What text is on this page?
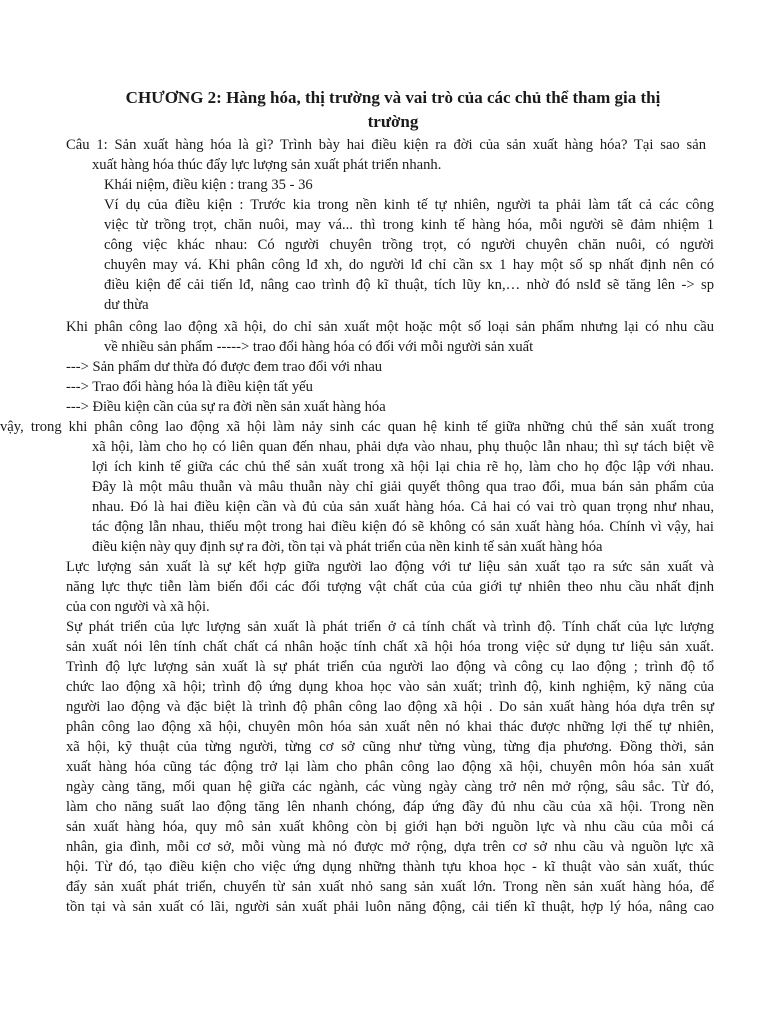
CHƯƠNG 2: Hàng hóa, thị trường và vai trò của các chủ thể tham gia thị
trường
Câu 1: Sản xuất hàng hóa là gì? Trình bày hai điều kiện ra đời của sản xuất hàng hóa? Tại sao sản
xuất hàng hóa thúc đẩy lực lượng sản xuất phát triển nhanh.
Khái niệm, điều kiện : trang 35 - 36
Ví dụ của điều kiện : Trước kia trong nền kinh tế tự nhiên, người ta phải làm tất cả các công
việc từ trồng trọt, chăn nuôi, may vá... thì trong kinh tế hàng hóa, mỗi người sẽ đảm nhiệm 1
công việc khác nhau: Có người chuyên trồng trọt, có người chuyên chăn nuôi, có người
chuyên may vá. Khi phân công lđ xh, do người lđ chỉ cần sx 1 hay một số sp nhất định nên có
điều kiện để cải tiến lđ, nâng cao trình độ kĩ thuật, tích lũy kn,… nhờ đó nslđ sẽ tăng lên -> sp
dư thừa
Khi phân công lao động xã hội, do chỉ sản xuất một hoặc một số loại sản phẩm nhưng lại có nhu cầu
về nhiều sản phẩm -----> trao đổi hàng hóa có đối với mỗi người sản xuất
---> Sản phẩm dư thừa đó được đem trao đổi với nhau
---> Trao đổi hàng hóa là điều kiện tất yếu
---> Điều kiện cần của sự ra đời nền sản xuất hàng hóa
vậy, trong khi phân công lao động xã hội làm nảy sinh các quan hệ kinh tế giữa những chủ thể sản xuất trong
xã hội, làm cho họ có liên quan đến nhau, phải dựa vào nhau, phụ thuộc lẫn nhau; thì sự tách biệt về
lợi ích kinh tế giữa các chủ thể sản xuất trong xã hội lại chia rẽ họ, làm cho họ độc lập với nhau.
Đây là một mâu thuẫn và mâu thuẫn này chỉ giải quyết thông qua trao đổi, mua bán sản phẩm của
nhau. Đó là hai điều kiện cần và đủ của sản xuất hàng hóa. Cả hai có vai trò quan trọng như nhau,
tác động lẫn nhau, thiếu một trong hai điều kiện đó sẽ không có sản xuất hàng hóa. Chính vì vậy, hai
điều kiện này quy định sự ra đời, tồn tại và phát triển của nền kinh tế sản xuất hàng hóa
Lực lượng sản xuất là sự kết hợp giữa người lao động với tư liệu sản xuất tạo ra sức sản xuất và
năng lực thực tiễn làm biến đổi các đối tượng vật chất của của giới tự nhiên theo nhu cầu nhất định
của con người và xã hội.
Sự phát triển của lực lượng sản xuất là phát triển ở cả tính chất và trình độ. Tính chất của lực lượng
sản xuất nói lên tính chất chất cá nhân hoặc tính chất xã hội hóa trong việc sử dụng tư liệu sản xuất.
Trình độ lực lượng sản xuất là sự phát triển của người lao động và công cụ lao động ; trình độ tổ
chức lao động xã hội; trình độ ứng dụng khoa học vào sản xuất; trình độ, kinh nghiệm, kỹ năng của
người lao động và đặc biệt là trình độ phân công lao động xã hội . Do sản xuất hàng hóa dựa trên sự
phân công lao động xã hội, chuyên môn hóa sản xuất nên nó khai thác được những lợi thế tự nhiên,
xã hội, kỹ thuật của từng người, từng cơ sở cũng như từng vùng, từng địa phương. Đồng thời, sản
xuất hàng hóa cũng tác động trở lại làm cho phân công lao động xã hội, chuyên môn hóa sản xuất
ngày càng tăng, mối quan hệ giữa các ngành, các vùng ngày càng trở nên mở rộng, sâu sắc. Từ đó,
làm cho năng suất lao động tăng lên nhanh chóng, đáp ứng đầy đủ nhu cầu của xã hội. Trong nền
sản xuất hàng hóa, quy mô sản xuất không còn bị giới hạn bởi nguồn lực và nhu cầu của mỗi cá
nhân, gia đình, mỗi cơ sở, mỗi vùng mà nó được mở rộng, dựa trên cơ sở nhu cầu và nguồn lực xã
hội. Từ đó, tạo điều kiện cho việc ứng dụng những thành tựu khoa học - kĩ thuật vào sản xuất, thúc
đẩy sản xuất phát triển, chuyển từ sản xuất nhỏ sang sản xuất lớn. Trong nền sản xuất hàng hóa, để
tồn tại và sản xuất có lãi, người sản xuất phải luôn năng động, cải tiến kĩ thuật, hợp lý hóa, nâng cao
